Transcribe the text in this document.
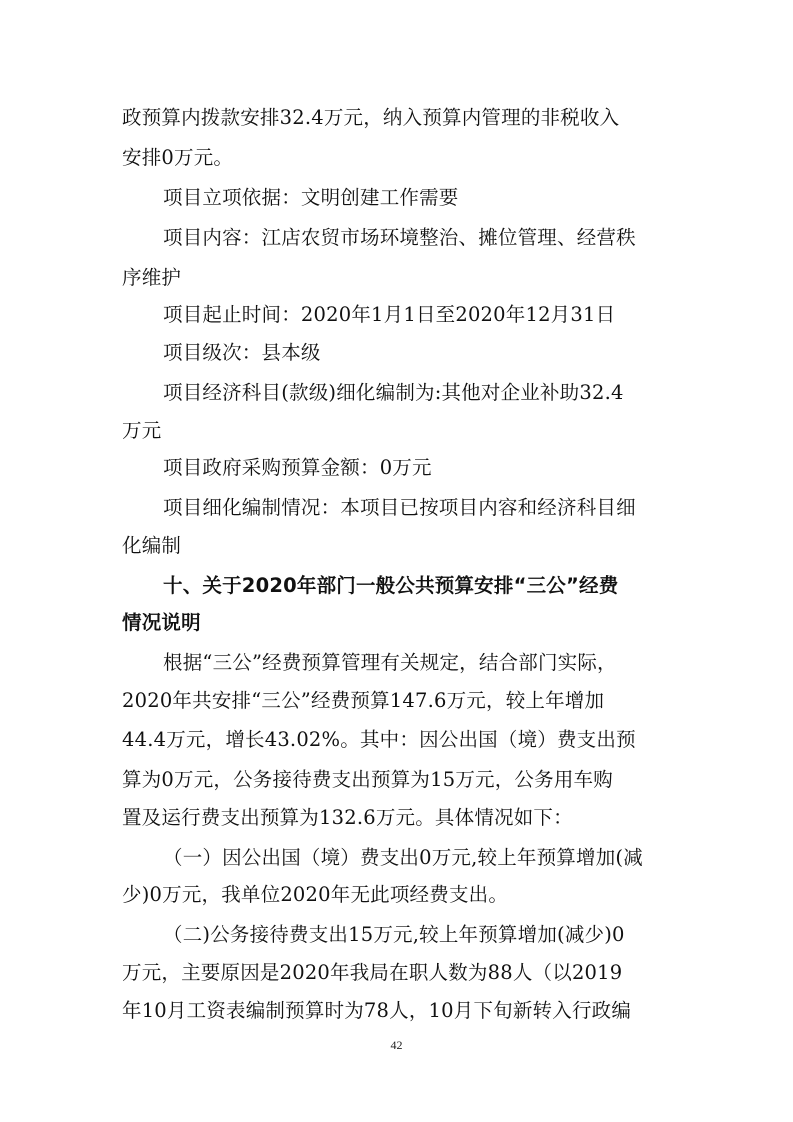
政预算内拨款安排32.4万元，纳入预算内管理的非税收入
安排0万元。
项目立项依据：文明创建工作需要
项目内容：江店农贸市场环境整治、摊位管理、经营秩
序维护
项目起止时间：2020年1月1日至2020年12月31日
项目级次：县本级
项目经济科目(款级)细化编制为:其他对企业补助32.4
万元
项目政府采购预算金额：0万元
项目细化编制情况：本项目已按项目内容和经济科目细
化编制
十、关于2020年部门一般公共预算安排“三公”经费
情况说明
根据“三公”经费预算管理有关规定，结合部门实际，
2020年共安排“三公”经费预算147.6万元，较上年增加
44.4万元，增长43.02%。其中：因公出国（境）费支出预
算为0万元，公务接待费支出预算为15万元，公务用车购
置及运行费支出预算为132.6万元。具体情况如下：
（一）因公出国（境）费支出0万元,较上年预算增加(减
少)0万元，我单位2020年无此项经费支出。
（二)公务接待费支出15万元,较上年预算增加(减少)0
万元，主要原因是2020年我局在职人数为88人（以2019
年10月工资表编制预算时为78人，10月下旬新转入行政编
42
